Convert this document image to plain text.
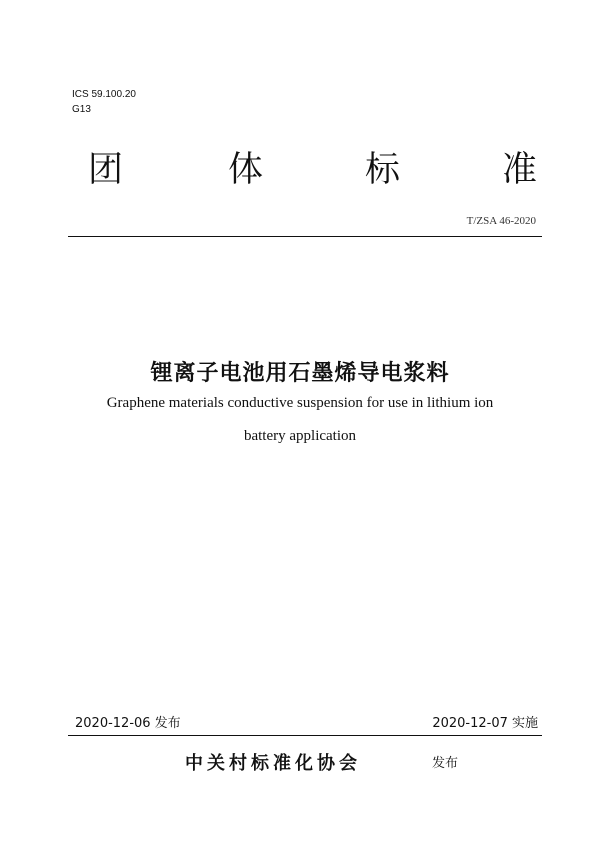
ICS 59.100.20
G13
团	体	标	准
T/ZSA 46-2020
锂离子电池用石墨烯导电浆料
Graphene materials conductive suspension for use in lithium ion
battery application
2020-12-06 发布	2020-12-07 实施
中关村标准化协会	发布
